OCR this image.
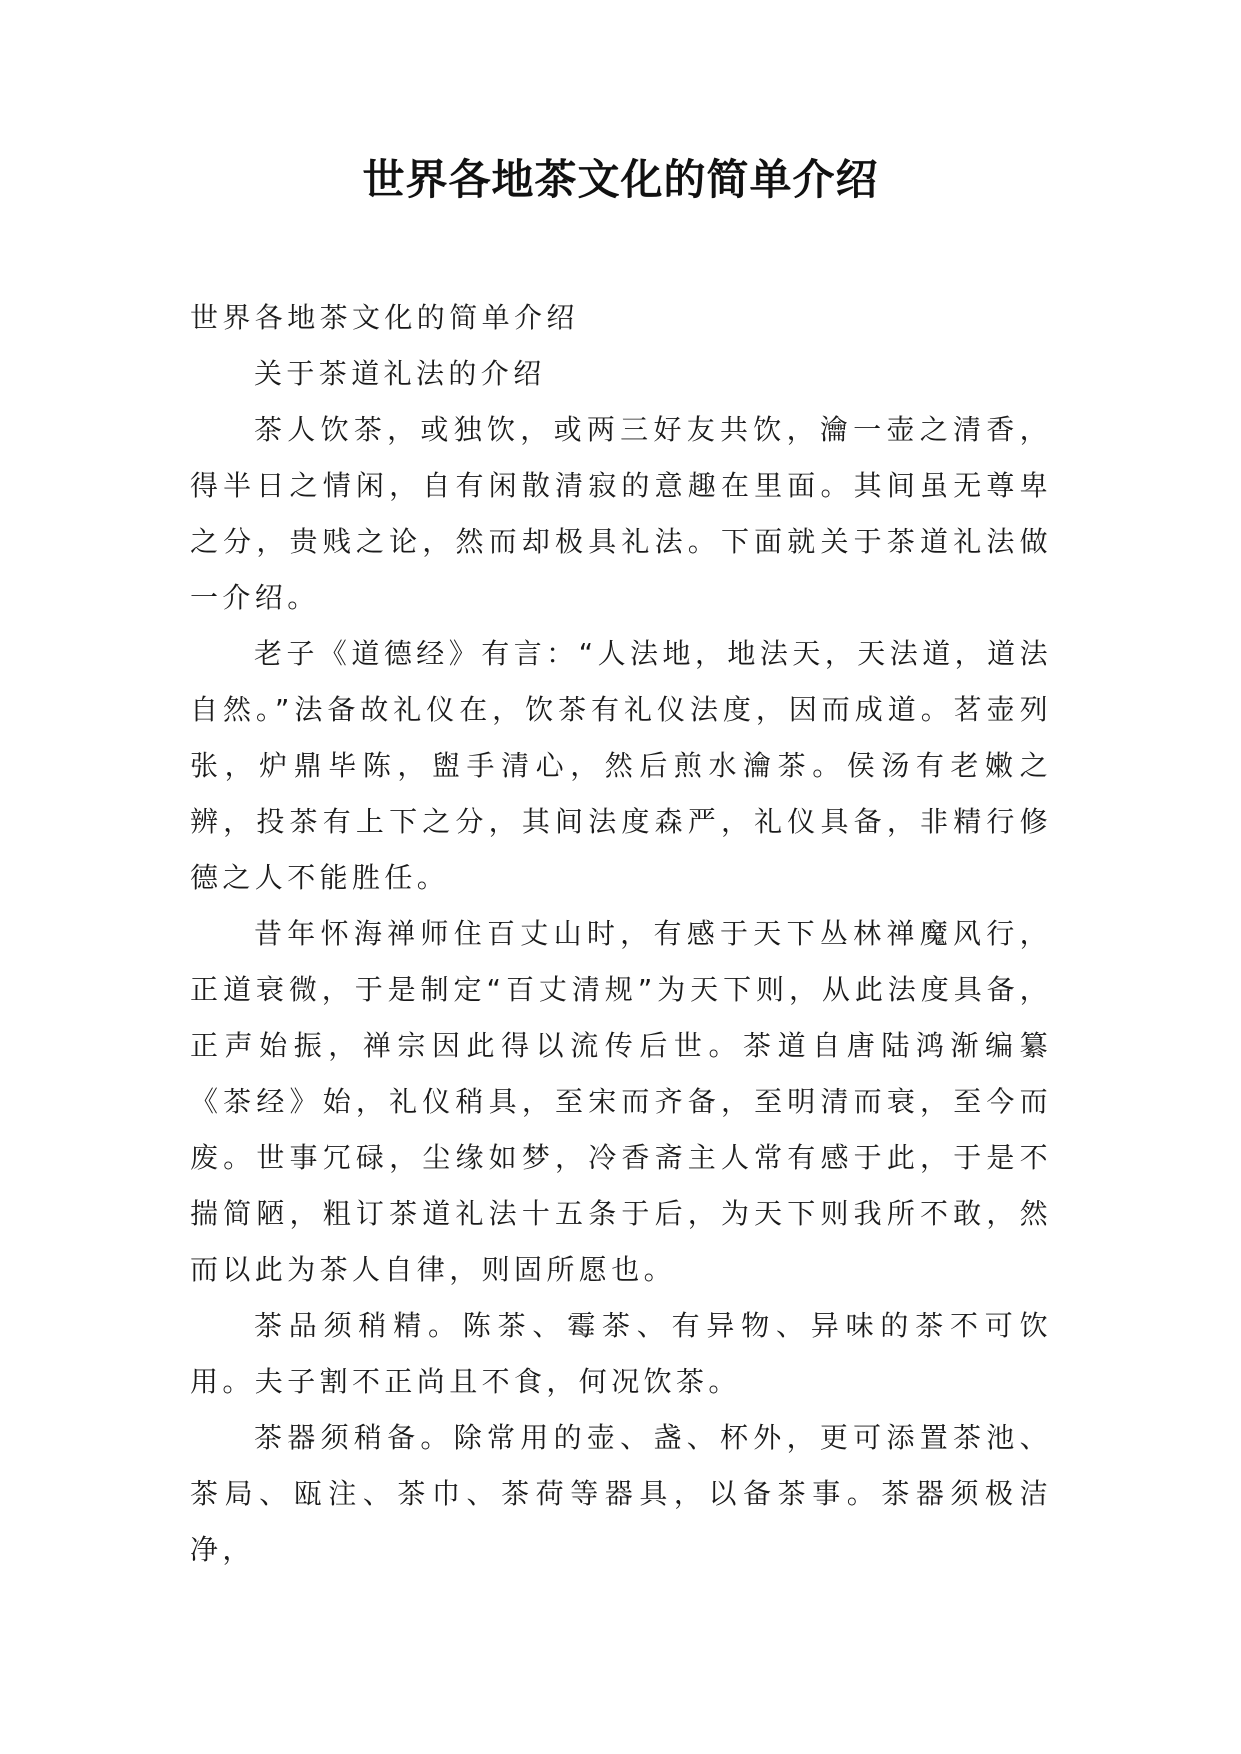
世界各地茶文化的简单介绍

世界各地茶文化的简单介绍

关于茶道礼法的介绍

茶人饮茶，或独饮，或两三好友共饮，瀹一壶之清香，得半日之情闲，自有闲散清寂的意趣在里面。其间虽无尊卑之分，贵贱之论，然而却极具礼法。下面就关于茶道礼法做一介绍。

老子《道德经》有言：“人法地，地法天，天法道，道法自然。”法备故礼仪在，饮茶有礼仪法度，因而成道。茗壶列张，炉鼎毕陈，盥手清心，然后煎水瀹茶。侯汤有老嫩之辨，投茶有上下之分，其间法度森严，礼仪具备，非精行修德之人不能胜任。

昔年怀海禅师住百丈山时，有感于天下丛林禅魔风行，正道衰微，于是制定“百丈清规”为天下则，从此法度具备，正声始振，禅宗因此得以流传后世。茶道自唐陆鸿渐编纂《茶经》始，礼仪稍具，至宋而齐备，至明清而衰，至今而废。世事冗碌，尘缘如梦，冷香斋主人常有感于此，于是不揣简陋，粗订茶道礼法十五条于后，为天下则我所不敢，然而以此为茶人自律，则固所愿也。

茶品须稍精。陈茶、霉茶、有异物、异味的茶不可饮用。夫子割不正尚且不食，何况饮茶。

茶器须稍备。除常用的壶、盏、杯外，更可添置茶池、茶局、瓯注、茶巾、茶荷等器具，以备茶事。茶器须极洁净，
